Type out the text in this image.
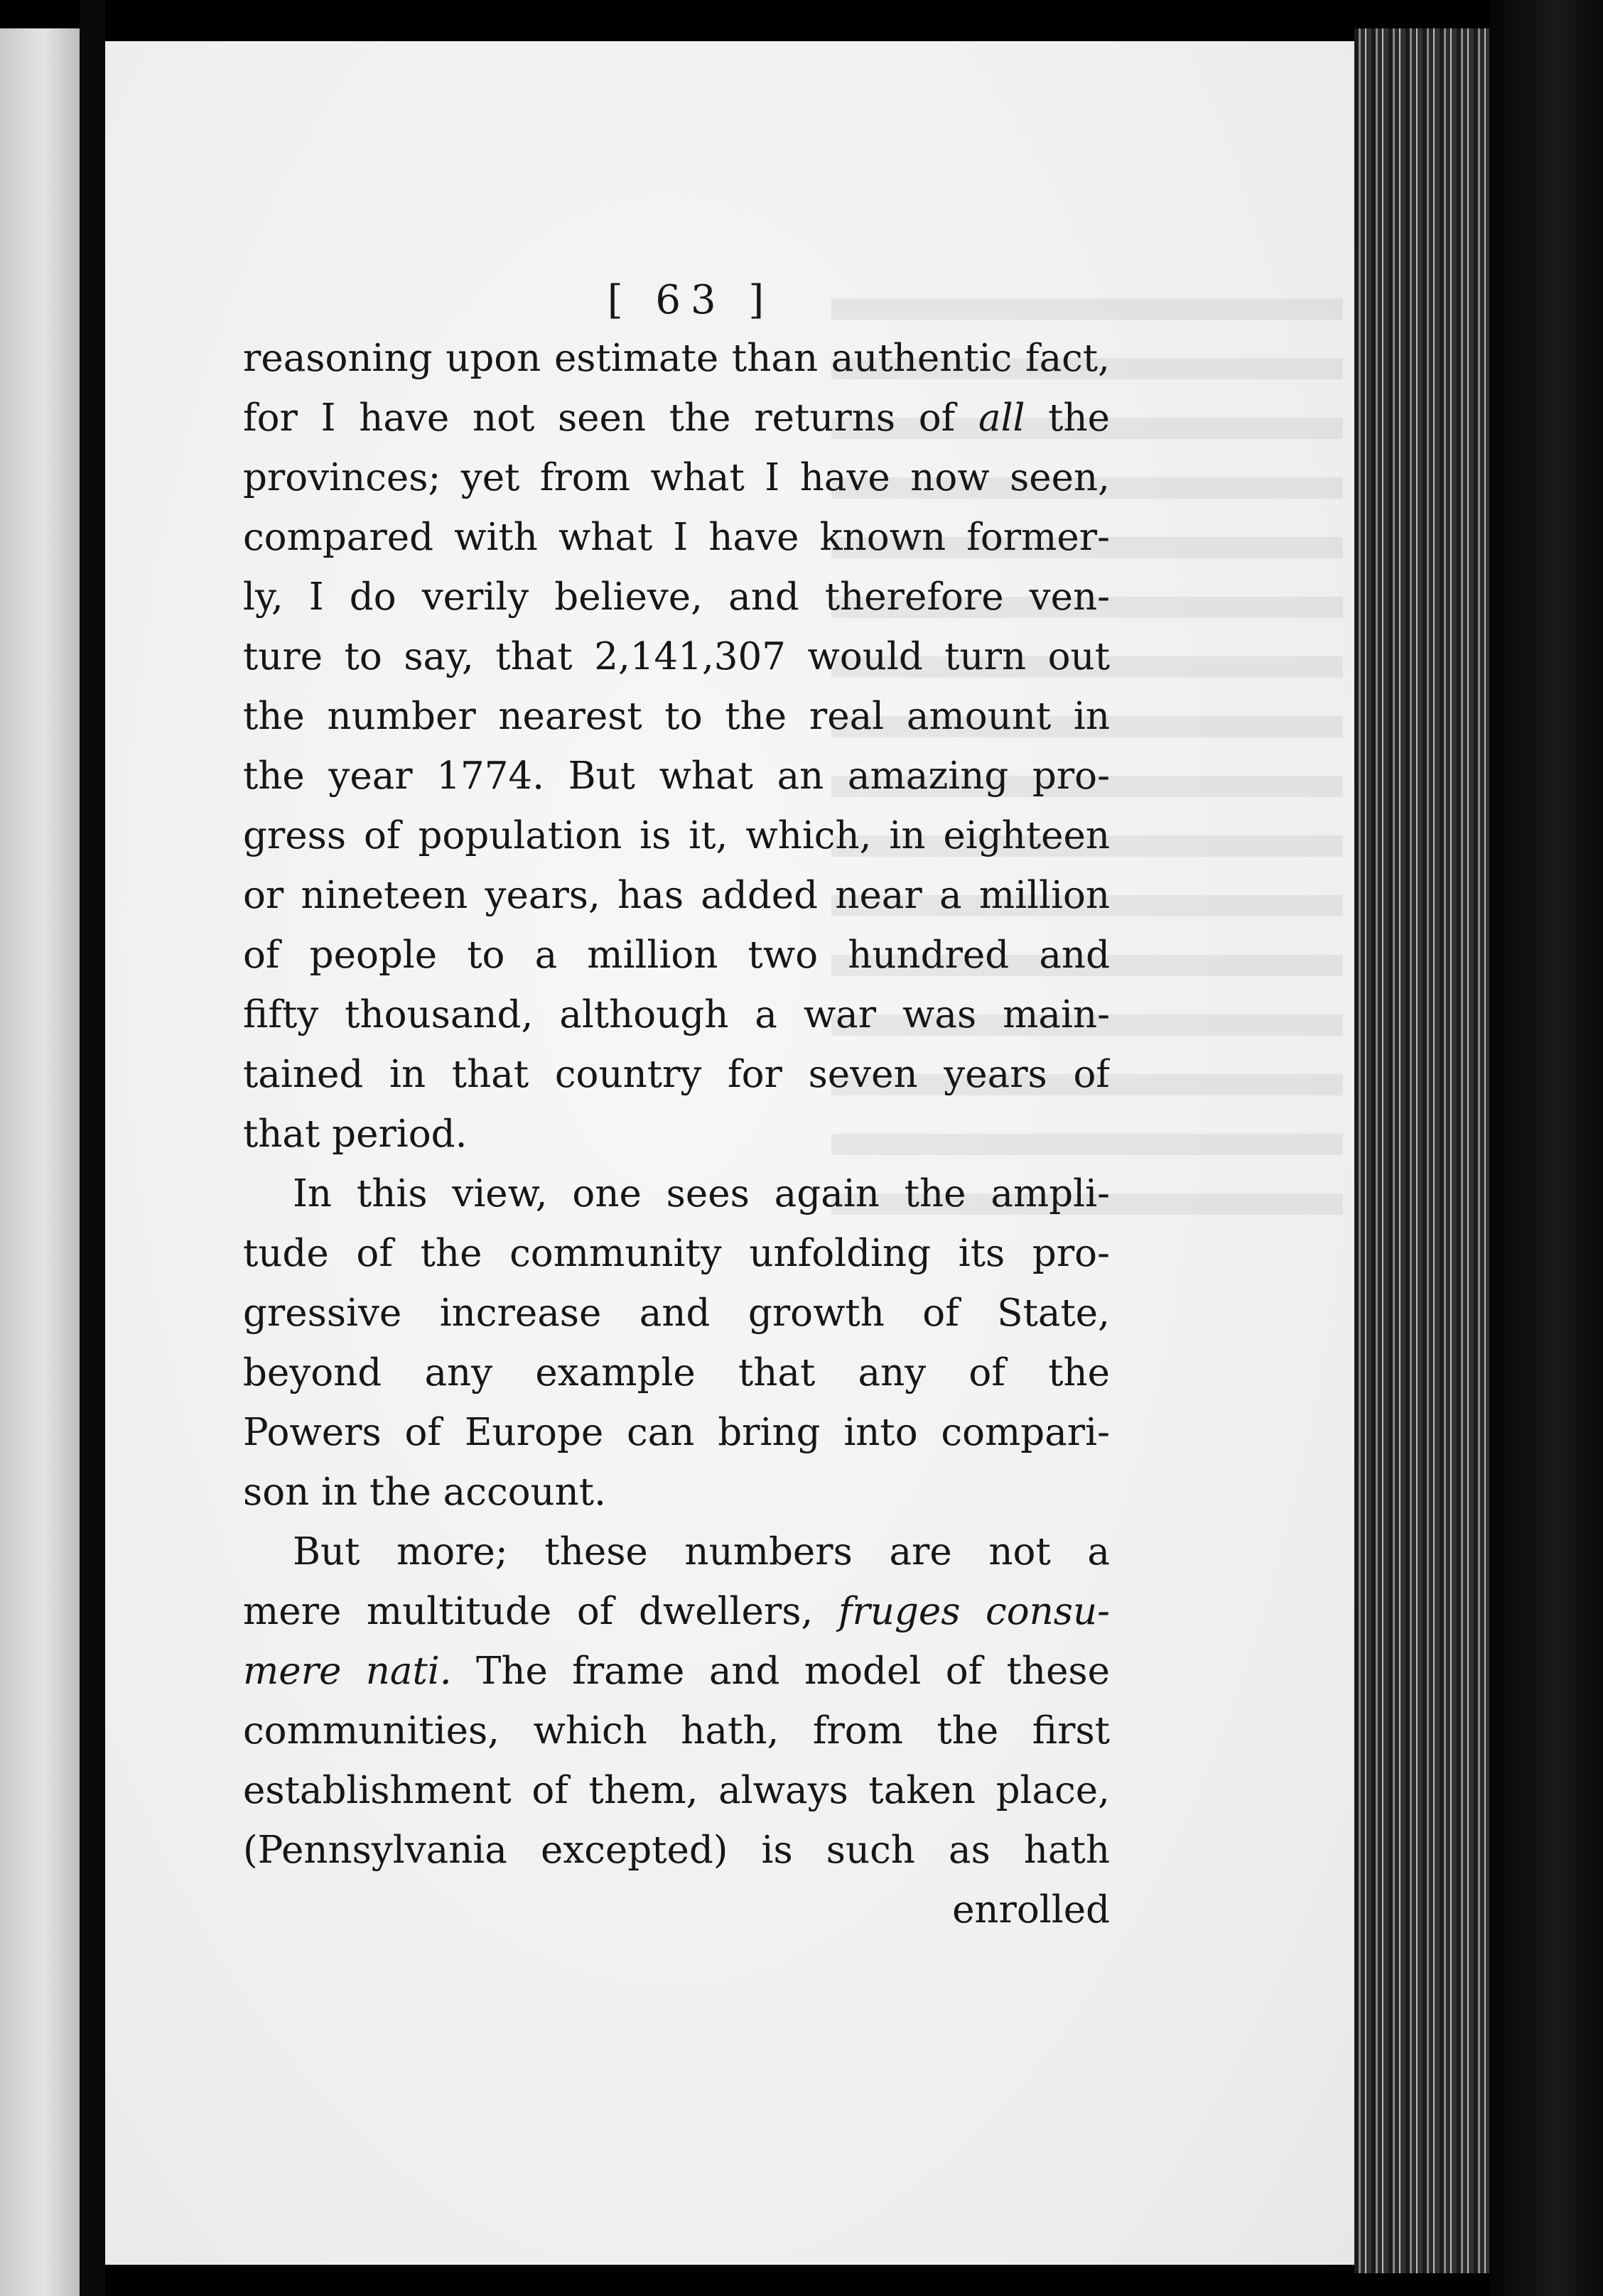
[ 63 ]
reasoning upon estimate than authentic fact,
for I have not seen the returns of all the
provinces; yet from what I have now seen,
compared with what I have known former-
ly, I do verily believe, and therefore ven-
ture to say, that 2,141,307 would turn out
the number nearest to the real amount in
the year 1774. But what an amazing pro-
gress of population is it, which, in eighteen
or nineteen years, has added near a million
of people to a million two hundred and
fifty thousand, although a war was main-
tained in that country for seven years of
that period.
In this view, one sees again the ampli-
tude of the community unfolding its pro-
gressive increase and growth of State,
beyond any example that any of the
Powers of Europe can bring into compari-
son in the account.
But more; these numbers are not a
mere multitude of dwellers, fruges consu-
mere nati. The frame and model of these
communities, which hath, from the first
establishment of them, always taken place,
(Pennsylvania excepted) is such as hath
enrolled
